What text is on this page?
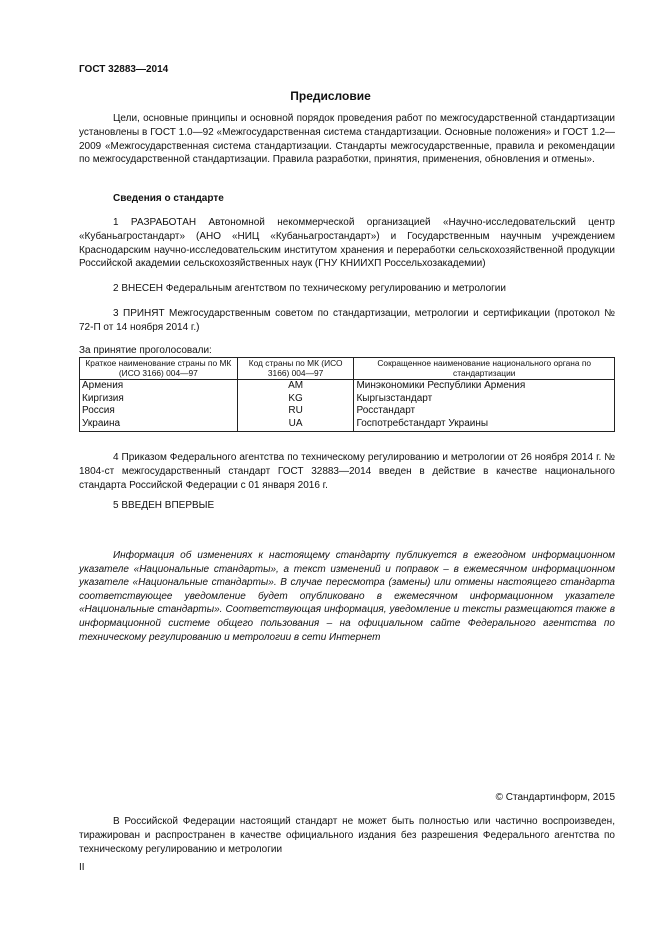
ГОСТ 32883—2014
Предисловие
Цели, основные принципы и основной порядок проведения работ по межгосударственной стандартизации установлены в ГОСТ 1.0—92 «Межгосударственная система стандартизации. Основные положения» и ГОСТ 1.2—2009 «Межгосударственная система стандартизации. Стандарты межгосударственные, правила и рекомендации по межгосударственной стандартизации. Правила разработки, принятия, применения, обновления и отмены».
Сведения о стандарте
1 РАЗРАБОТАН Автономной некоммерческой организацией «Научно-исследовательский центр «Кубаньагростандарт» (АНО «НИЦ «Кубаньагростандарт») и Государственным научным учреждением Краснодарским научно-исследовательским институтом хранения и переработки сельскохозяйственной продукции Российской академии сельскохозяйственных наук (ГНУ КНИИХП Россельхозакадемии)
2 ВНЕСЕН Федеральным агентством по техническому регулированию и метрологии
3 ПРИНЯТ Межгосударственным советом по стандартизации, метрологии и сертификации (протокол № 72-П от 14 ноября 2014 г.)
За принятие проголосовали:
Краткое наименование страны по МК (ИСО 3166) 004—97	Код страны по МК (ИСО 3166) 004—97	Сокращенное наименование национального органа по стандартизации
Армения	AM	Минэкономики Республики Армения
Киргизия	KG	Кыргызстандарт
Россия	RU	Росстандарт
Украина	UA	Госпотребстандарт Украины
4 Приказом Федерального агентства по техническому регулированию и метрологии от 26 ноября 2014 г. № 1804-ст межгосударственный стандарт ГОСТ 32883—2014 введен в действие в качестве национального стандарта Российской Федерации с 01 января 2016 г.
5 ВВЕДЕН ВПЕРВЫЕ
Информация об изменениях к настоящему стандарту публикуется в ежегодном информационном указателе «Национальные стандарты», а текст изменений и поправок – в ежемесячном информационном указателе «Национальные стандарты». В случае пересмотра (замены) или отмены настоящего стандарта соответствующее уведомление будет опубликовано в ежемесячном информационном указателе «Национальные стандарты». Соответствующая информация, уведомление и тексты размещаются также в информационной системе общего пользования – на официальном сайте Федерального агентства по техническому регулированию и метрологии в сети Интернет
© Стандартинформ, 2015
В Российской Федерации настоящий стандарт не может быть полностью или частично воспроизведен, тиражирован и распространен в качестве официального издания без разрешения Федерального агентства по техническому регулированию и метрологии
II
